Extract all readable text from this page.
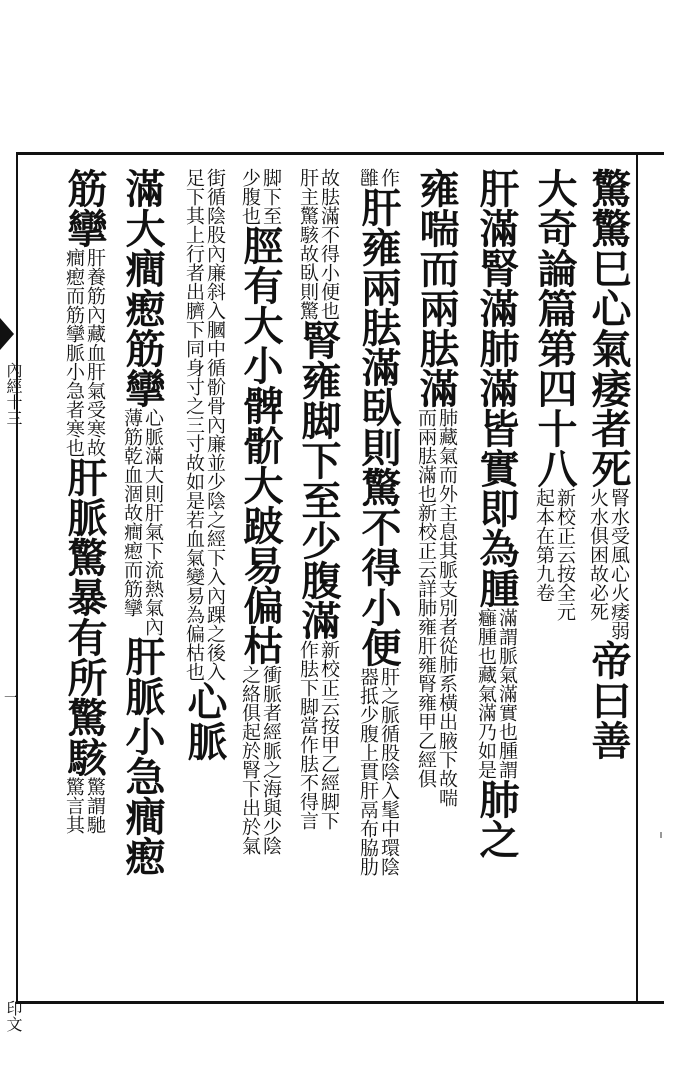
內經十三
一
印文
驚驚巳心氣痿者死
腎水受風心火痿弱
火水俱困故必死
帝曰善
大奇論篇第四十八
新校正云按全元
起本在第九卷
肝滿腎滿肺滿皆實即為腫
滿謂脈氣滿實也腫謂
癰腫也藏氣滿乃如是
肺之
雍喘而兩胠滿
肺藏氣而外主息其脈支別者從肺系橫出腋下故喘
而兩胠滿也新校正云詳肺雍肝雍腎雍甲乙經俱
作
雝
肝雍兩胠滿臥則驚不得小便
肝之脈循股陰入髦中環陰
器抵少腹上貫肝鬲布脇肋
故胠滿不得小便也
肝主驚駭故臥則驚
腎雍脚下至少腹滿
新校正云按甲乙經脚下
作胠下脚當作胠不得言
脚下至
少腹也
脛有大小髀骱大跛易偏枯
衝脈者經脈之海與少陰
之絡俱起於腎下出於氣
街循陰股內廉斜入膕中循骱骨內廉並少陰之經下入內踝之後入
足下其上行者出臍下同身寸之三寸故如是若血氣變易為偏枯也
心脈
滿大癎瘛筋攣
心脈滿大則肝氣下流熱氣內
薄筋乾血涸故癎瘛而筋攣
肝脈小急癎瘛
筋攣
肝養筋內藏血肝氣受寒故
癎瘛而筋攣脈小急者寒也
肝脈驚暴有所驚駭
驚謂馳
驚言其
